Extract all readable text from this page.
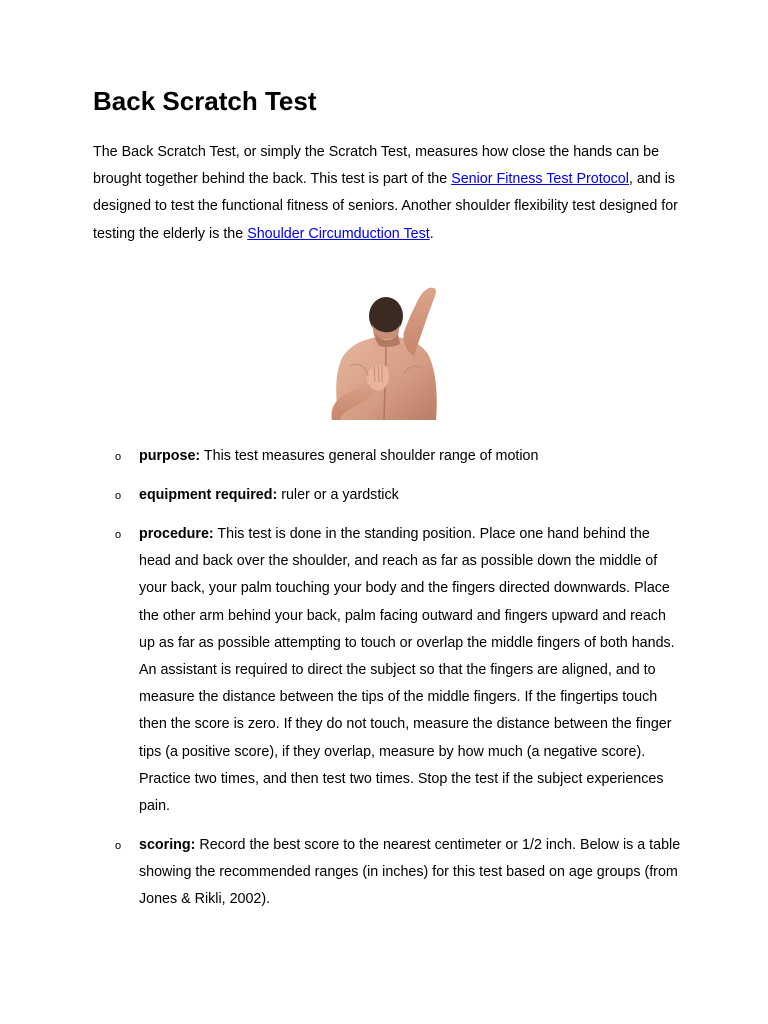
Back Scratch Test

The Back Scratch Test, or simply the Scratch Test, measures how close the hands can be brought together behind the back. This test is part of the Senior Fitness Test Protocol, and is designed to test the functional fitness of seniors. Another shoulder flexibility test designed for testing the elderly is the Shoulder Circumduction Test.

o purpose: This test measures general shoulder range of motion
o equipment required: ruler or a yardstick
o procedure: This test is done in the standing position. Place one hand behind the head and back over the shoulder, and reach as far as possible down the middle of your back, your palm touching your body and the fingers directed downwards. Place the other arm behind your back, palm facing outward and fingers upward and reach up as far as possible attempting to touch or overlap the middle fingers of both hands. An assistant is required to direct the subject so that the fingers are aligned, and to measure the distance between the tips of the middle fingers. If the fingertips touch then the score is zero. If they do not touch, measure the distance between the finger tips (a positive score), if they overlap, measure by how much (a negative score). Practice two times, and then test two times. Stop the test if the subject experiences pain.
o scoring: Record the best score to the nearest centimeter or 1/2 inch. Below is a table showing the recommended ranges (in inches) for this test based on age groups (from Jones & Rikli, 2002).
